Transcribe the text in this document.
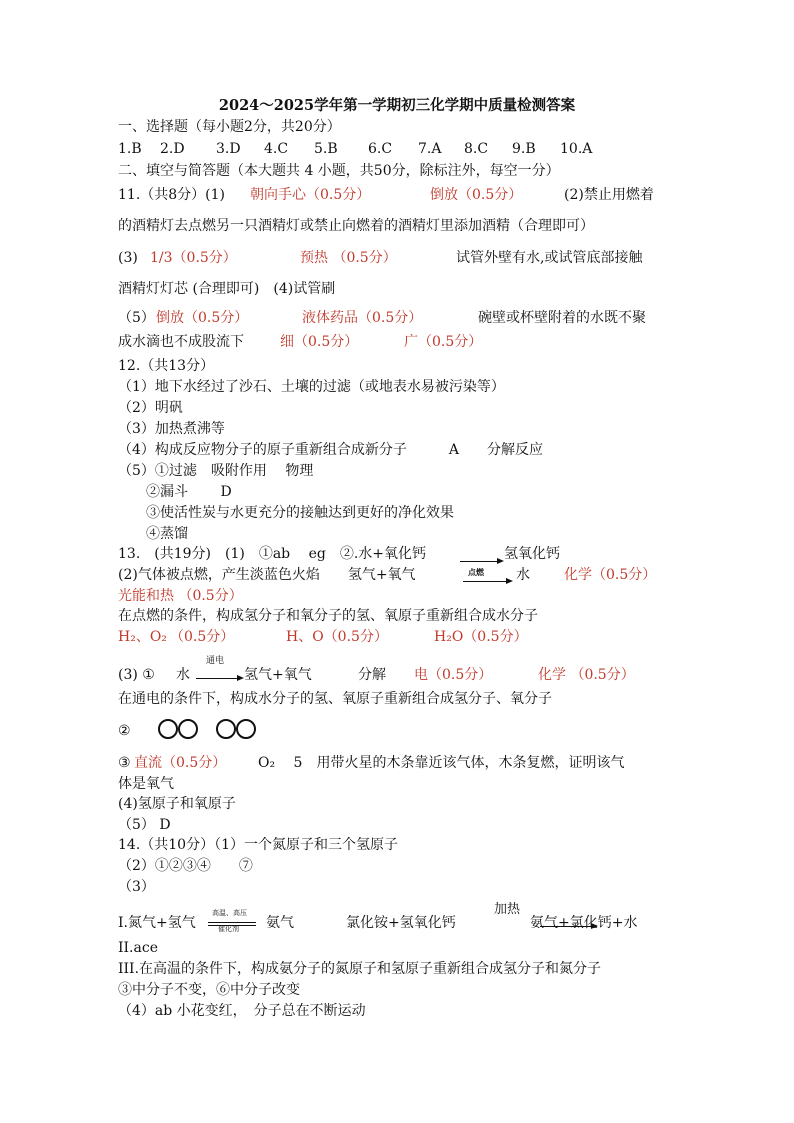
2024～2025学年第一学期初三化学期中质量检测答案
一、选择题（每小题2分，共20分）
1.B 2.D 3.D 4.C 5.B 6.C 7.A 8.C 9.B 10.A
二、填空与简答题（本大题共 4 小题，共50分，除标注外，每空一分）
11.（共8分）(1) 朝向手心（0.5分）	倒放（0.5分）	(2)禁止用燃着
的酒精灯去点燃另一只酒精灯或禁止向燃着的酒精灯里添加酒精（合理即可）
(3) 1/3（0.5分）	预热 （0.5分）	试管外壁有水,或试管底部接触
酒精灯灯芯 (合理即可)　(4)试管刷
（5） 倒放（0.5分）	液体药品（0.5分）	碗壁或杯壁附着的水既不聚
成水滴也不成股流下	细（0.5分）	广（0.5分）
12.（共13分）
（1）地下水经过了沙石、土壤的过滤（或地表水易被污染等）
（2）明矾
（3）加热煮沸等
（4）构成反应物分子的原子重新组合成新分子　　　A　　分解反应
（5）①过滤　吸附作用　 物理
　　②漏斗　　 D
　　③使活性炭与水更充分的接触达到更好的净化效果
　　④蒸馏
13.　(共19分)　(1)　①ab　 eg　②.水+氧化钙	氢氧化钙
(2)气体被点燃，产生淡蓝色火焰　　氢气+氧气	点燃 水 化学（0.5分）
光能和热 （0.5分）
在点燃的条件，构成氢分子和氧分子的氢、氧原子重新组合成水分子
H₂、O₂ （0.5分）	H、O（0.5分）	H₂O（0.5分）
(3) ① 水
通电
氢气+氧气	分解 电（0.5分）	化学 （0.5分）
在通电的条件下，构成水分子的氢、氧原子重新组合成氢分子、氧分子
②
③ 直流（0.5分） O₂　 5　用带火星的木条靠近该气体，木条复燃，证明该气
体是氧气
(4)氢原子和氧原子
（5） D
14.（共10分）（1）一个氮原子和三个氢原子
（2）①②③④　　⑦
（3）
I.氮气+氢气
高温、高压

催化剂 氨气	氯化铵+氢氧化钙
加热
氨气+氯化钙+水
II.ace
III.在高温的条件下，构成氨分子的氮原子和氢原子重新组合成氢分子和氮分子
③中分子不变，⑥中分子改变
（4）ab 小花变红，　分子总在不断运动
